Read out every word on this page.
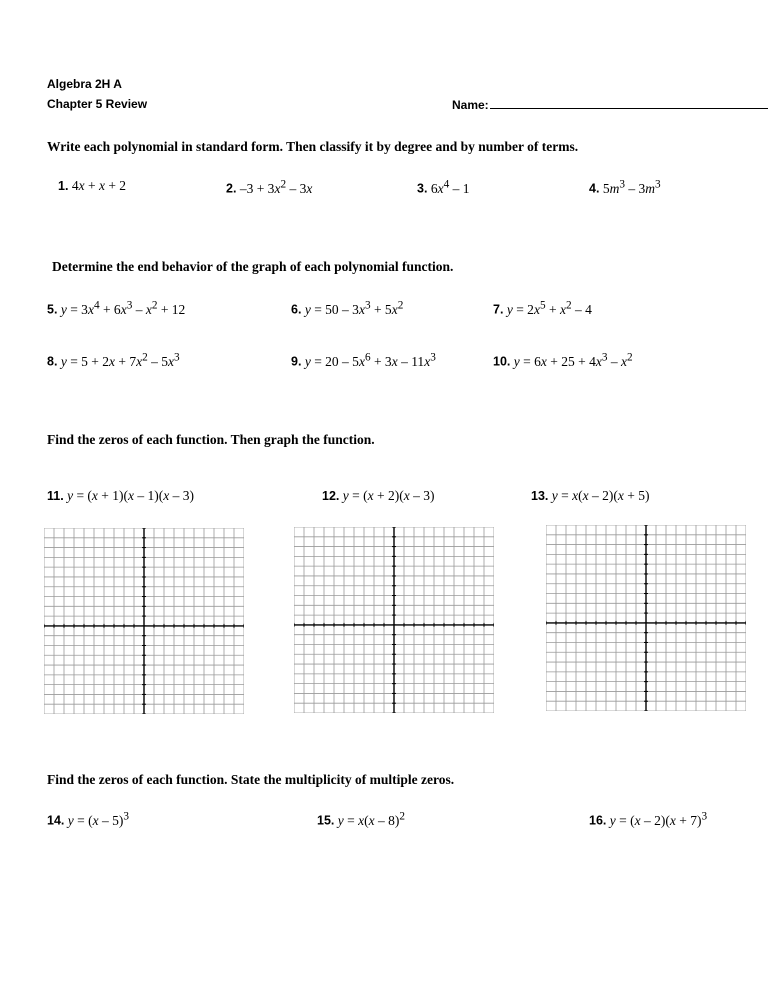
Algebra 2H A
Chapter 5 Review	Name:
Write each polynomial in standard form. Then classify it by degree and by number of terms.
1. 4x + x + 2	2. $-3 + 3x^2 - 3x$	3. $6x^4 - 1$	4. $5m^3 - 3m^3$
Determine the end behavior of the graph of each polynomial function.
5. $y = 3x^4 + 6x^3 - x^2 + 12$	6. $y = 50 - 3x^3 + 5x^2$	7. $y = 2x^5 + x^2 - 4$
8. $y = 5 + 2x + 7x^2 - 5x^3$	9. $y = 20 - 5x^6 + 3x - 11x^3$	10. $y = 6x + 25 + 4x^3 - x^2$
Find the zeros of each function. Then graph the function.
11. y = (x + 1)(x – 1)(x – 3)	12. y = (x + 2)(x – 3)	13. y = x(x – 2)(x + 5)
Find the zeros of each function. State the multiplicity of multiple zeros.
14. y = (x – 5)$^3$	15. y = x(x – 8)$^2$	16. $y = (x - 2)(x + 7)^3$
